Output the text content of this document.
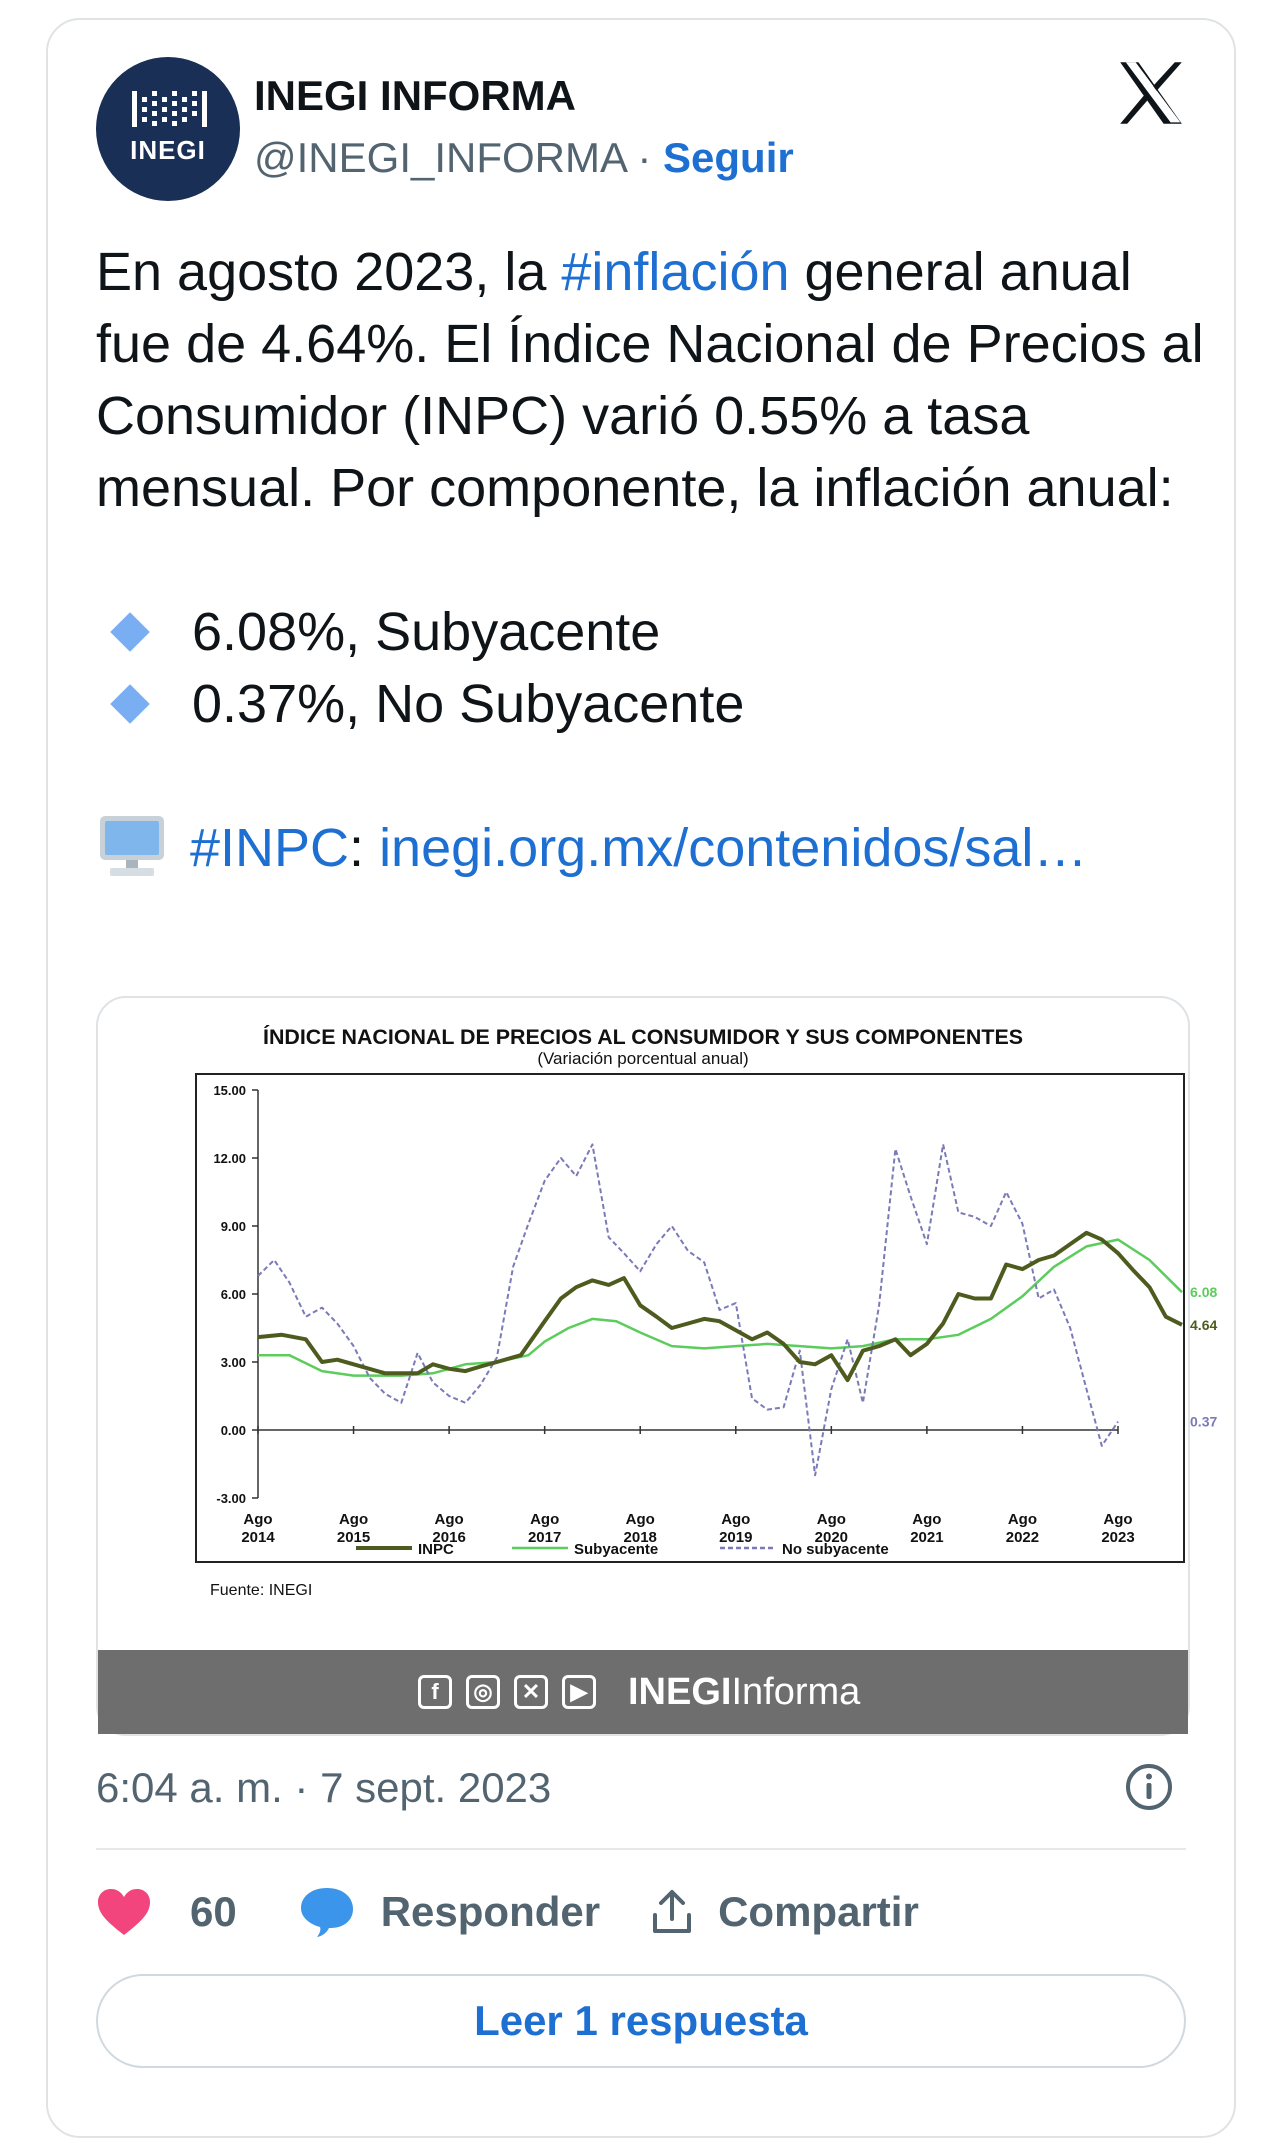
INEGI
INEGI INFORMA
@INEGI_INFORMA · Seguir

En agosto 2023, la #inflación general anual fue de 4.64%. El Índice Nacional de Precios al Consumidor (INPC) varió 0.55% a tasa mensual. Por componente, la inflación anual:

6.08%, Subyacente
0.37%, No Subyacente

#INPC: inegi.org.mx/contenidos/sal…

ÍNDICE NACIONAL DE PRECIOS AL CONSUMIDOR Y SUS COMPONENTES
(Variación porcentual anual)
15.00
12.00
9.00
6.00
3.00
0.00
-3.00
Ago
2014
Ago
2015
Ago
2016
Ago
2017
Ago
2018
Ago
2019
Ago
2020
Ago
2021
Ago
2022
Ago
2023
6.08
0.37
4.64
INPC	Subyacente	No subyacente
Fuente: INEGI
f	◎	✕	▶ INEGIInforma
6:04 a. m. · 7 sept. 2023
60	Responder	Compartir
Leer 1 respuesta
